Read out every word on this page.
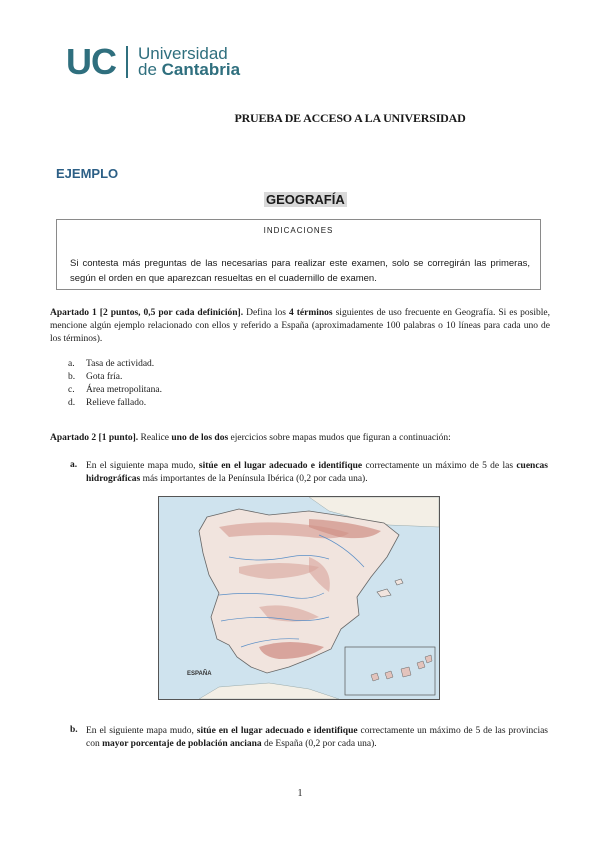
UC Universidad
de Cantabria
PRUEBA DE ACCESO A LA UNIVERSIDAD
EJEMPLO
GEOGRAFÍA
INDICACIONES
Si contesta más preguntas de las necesarias para realizar este examen, solo se corregirán las primeras, según el orden en que aparezcan resueltas en el cuadernillo de examen.
Apartado 1 [2 puntos, 0,5 por cada definición]. Defina los 4 términos siguientes de uso frecuente en Geografía. Si es posible, mencione algún ejemplo relacionado con ellos y referido a España (aproximadamente 100 palabras o 10 líneas para cada uno de los términos).
a.	Tasa de actividad.
b.	Gota fría.
c.	Área metropolitana.
d.	Relieve fallado.
Apartado 2 [1 punto]. Realice uno de los dos ejercicios sobre mapas mudos que figuran a continuación:
a. En el siguiente mapa mudo, sitúe en el lugar adecuado e identifique correctamente un máximo de 5 de las cuencas hidrográficas más importantes de la Península Ibérica (0,2 por cada una).
ESPAÑA
b. En el siguiente mapa mudo, sitúe en el lugar adecuado e identifique correctamente un máximo de 5 de las provincias con mayor porcentaje de población anciana de España (0,2 por cada una).
1
